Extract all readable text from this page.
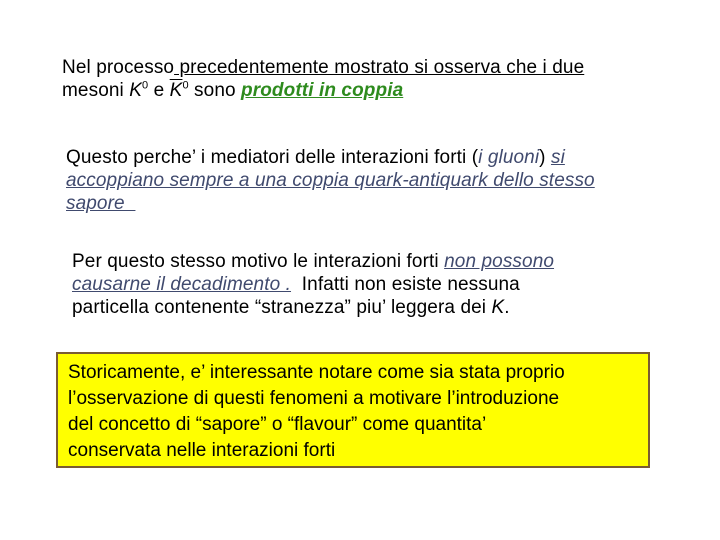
Nel processo precedentemente mostrato si osserva che i due
mesoni $K^0$ e $\overline{K}^0$ sono prodotti in coppia
Questo perche’ i mediatori delle interazioni forti (i gluoni) si
accoppiano sempre a una coppia quark-antiquark dello stesso
sapore
Per questo stesso motivo le interazioni forti non possono
causarne il decadimento .  Infatti non esiste nessuna
particella contenente “stranezza” piu’ leggera dei K.
Storicamente, e’ interessante notare come sia stata proprio
l’osservazione di questi fenomeni a motivare l’introduzione
del concetto di “sapore” o “flavour” come quantita’
conservata nelle interazioni forti
